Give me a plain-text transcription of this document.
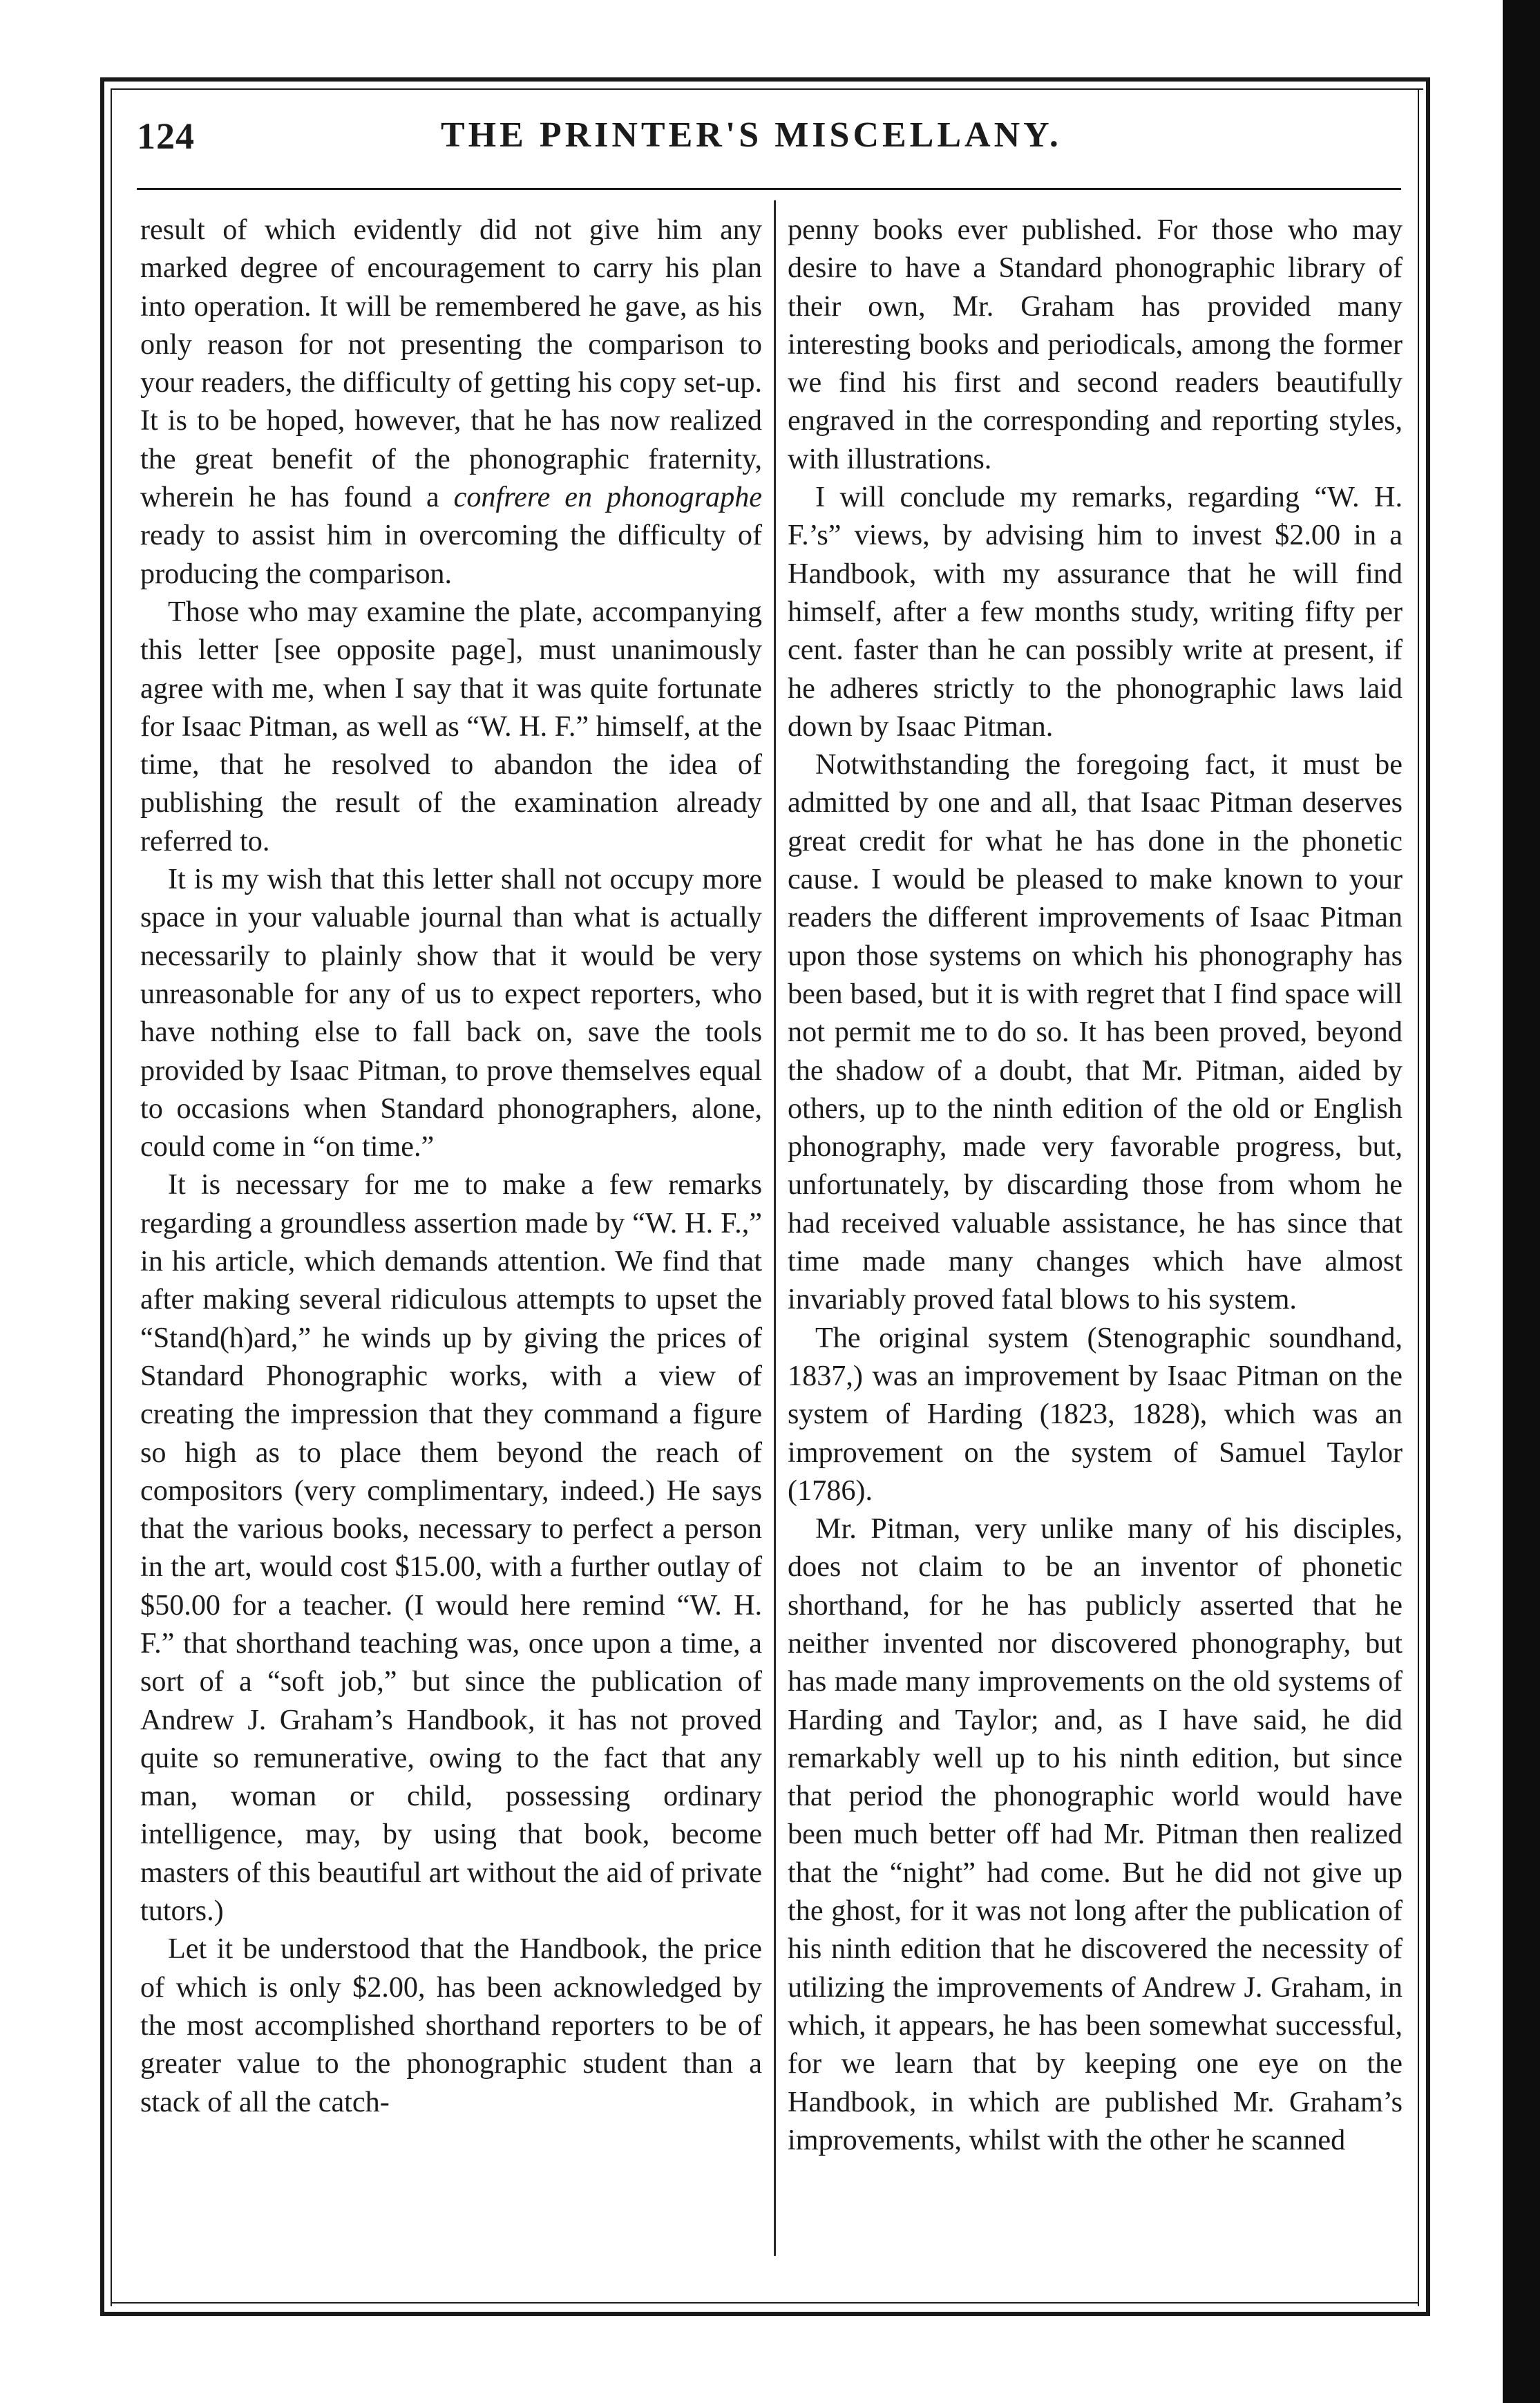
124	THE PRINTER'S MISCELLANY.

result of which evidently did not give him any marked degree of encouragement to carry his plan into operation. It will be remembered he gave, as his only reason for not presenting the comparison to your readers, the difficulty of getting his copy set-up. It is to be hoped, however, that he has now realized the great benefit of the phonographic fraternity, wherein he has found a confrere en phonographe ready to assist him in overcoming the difficulty of producing the comparison.

Those who may examine the plate, accompanying this letter [see opposite page], must unanimously agree with me, when I say that it was quite fortunate for Isaac Pitman, as well as “W. H. F.” himself, at the time, that he resolved to abandon the idea of publishing the result of the examination already referred to.

It is my wish that this letter shall not occupy more space in your valuable journal than what is actually necessarily to plainly show that it would be very unreasonable for any of us to expect reporters, who have nothing else to fall back on, save the tools provided by Isaac Pitman, to prove themselves equal to occasions when Standard phonographers, alone, could come in “on time.”

It is necessary for me to make a few remarks regarding a groundless assertion made by “W. H. F.,” in his article, which demands attention. We find that after making several ridiculous attempts to upset the “Stand(h)ard,” he winds up by giving the prices of Standard Phonographic works, with a view of creating the impression that they command a figure so high as to place them beyond the reach of compositors (very complimentary, indeed.) He says that the various books, necessary to perfect a person in the art, would cost $15.00, with a further outlay of $50.00 for a teacher. (I would here remind “W. H. F.” that shorthand teaching was, once upon a time, a sort of a “soft job,” but since the publication of Andrew J. Graham’s Handbook, it has not proved quite so remunerative, owing to the fact that any man, woman or child, possessing ordinary intelligence, may, by using that book, become masters of this beautiful art without the aid of private tutors.)

Let it be understood that the Handbook, the price of which is only $2.00, has been acknowledged by the most accomplished shorthand reporters to be of greater value to the phonographic student than a stack of all the catch-

penny books ever published. For those who may desire to have a Standard phonographic library of their own, Mr. Graham has provided many interesting books and periodicals, among the former we find his first and second readers beautifully engraved in the corresponding and reporting styles, with illustrations.

I will conclude my remarks, regarding “W. H. F.’s” views, by advising him to invest $2.00 in a Handbook, with my assurance that he will find himself, after a few months study, writing fifty per cent. faster than he can possibly write at present, if he adheres strictly to the phonographic laws laid down by Isaac Pitman.

Notwithstanding the foregoing fact, it must be admitted by one and all, that Isaac Pitman deserves great credit for what he has done in the phonetic cause. I would be pleased to make known to your readers the different improvements of Isaac Pitman upon those systems on which his phonography has been based, but it is with regret that I find space will not permit me to do so. It has been proved, beyond the shadow of a doubt, that Mr. Pitman, aided by others, up to the ninth edition of the old or English phonography, made very favorable progress, but, unfortunately, by discarding those from whom he had received valuable assistance, he has since that time made many changes which have almost invariably proved fatal blows to his system.

The original system (Stenographic soundhand, 1837,) was an improvement by Isaac Pitman on the system of Harding (1823, 1828), which was an improvement on the system of Samuel Taylor (1786).

Mr. Pitman, very unlike many of his disciples, does not claim to be an inventor of phonetic shorthand, for he has publicly asserted that he neither invented nor discovered phonography, but has made many improvements on the old systems of Harding and Taylor; and, as I have said, he did remarkably well up to his ninth edition, but since that period the phonographic world would have been much better off had Mr. Pitman then realized that the “night” had come. But he did not give up the ghost, for it was not long after the publication of his ninth edition that he discovered the necessity of utilizing the improvements of Andrew J. Graham, in which, it appears, he has been somewhat successful, for we learn that by keeping one eye on the Handbook, in which are published Mr. Graham’s improvements, whilst with the other he scanned
